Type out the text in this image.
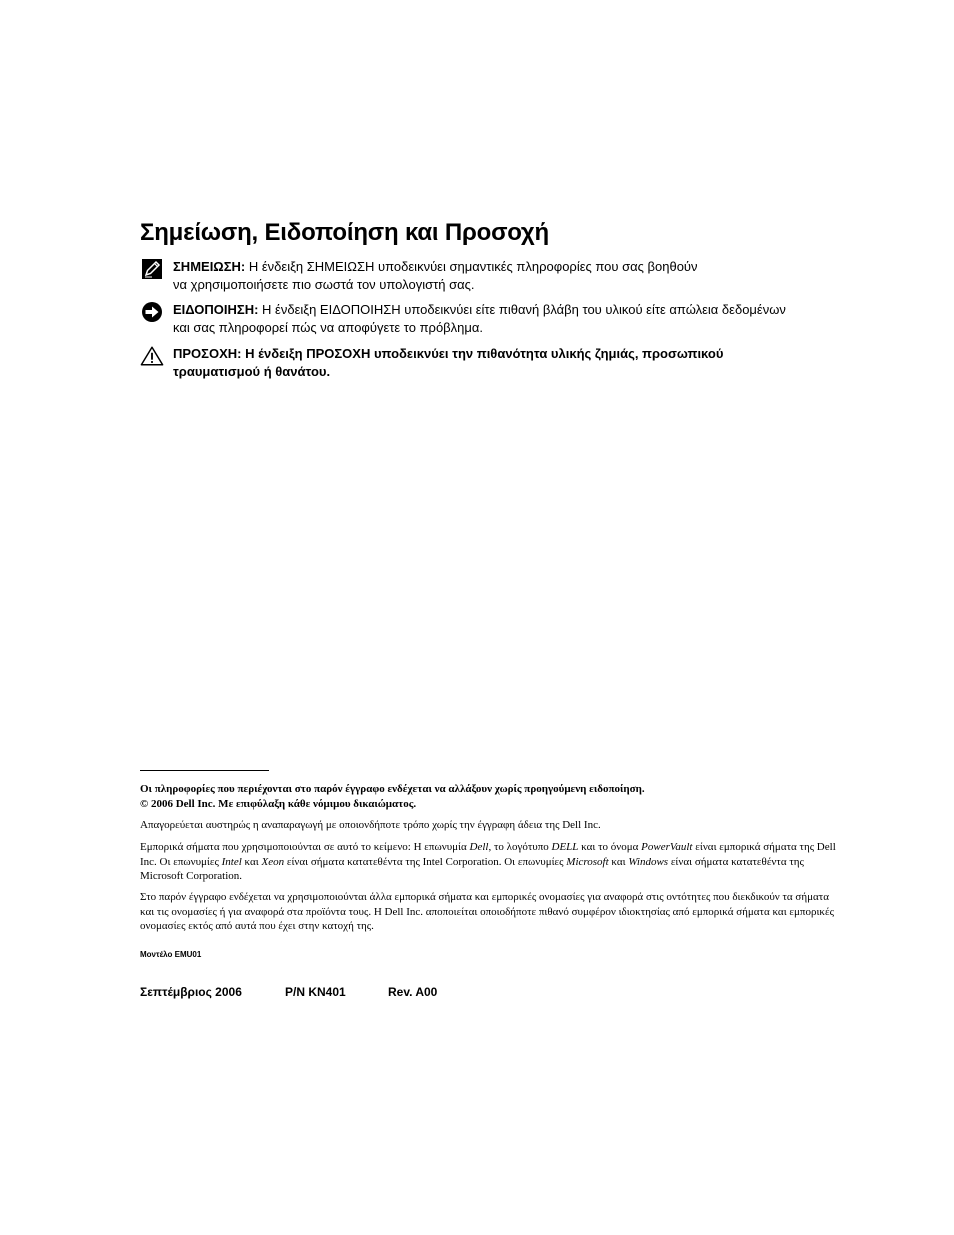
Σημείωση, Ειδοποίηση και Προσοχή
ΣΗΜΕΙΩΣΗ: Η ένδειξη ΣΗΜΕΙΩΣΗ υποδεικνύει σημαντικές πληροφορίες που σας βοηθούν
να χρησιμοποιήσετε πιο σωστά τον υπολογιστή σας.
ΕΙΔΟΠΟΙΗΣΗ: Η ένδειξη ΕΙΔΟΠΟΙΗΣΗ υποδεικνύει είτε πιθανή βλάβη του υλικού είτε απώλεια δεδομένων
και σας πληροφορεί πώς να αποφύγετε το πρόβλημα.
ΠΡΟΣΟΧΗ: Η ένδειξη ΠΡΟΣΟΧΗ υποδεικνύει την πιθανότητα υλικής ζημιάς, προσωπικού
τραυματισμού ή θανάτου.

Οι πληροφορίες που περιέχονται στο παρόν έγγραφο ενδέχεται να αλλάξουν χωρίς προηγούμενη ειδοποίηση.

© 2006 Dell Inc. Με επιφύλαξη κάθε νόμιμου δικαιώματος.

Απαγορεύεται αυστηρώς η αναπαραγωγή με οποιονδήποτε τρόπο χωρίς την έγγραφη άδεια της Dell Inc.

Εμπορικά σήματα που χρησιμοποιούνται σε αυτό το κείμενο: Η επωνυμία Dell, το λογότυπο DELL και το όνομα PowerVault είναι εμπορικά σήματα της Dell Inc. Οι επωνυμίες Intel και Xeon είναι σήματα κατατεθέντα της Intel Corporation. Οι επωνυμίες Microsoft και Windows είναι σήματα κατατεθέντα της Microsoft Corporation.

Στο παρόν έγγραφο ενδέχεται να χρησιμοποιούνται άλλα εμπορικά σήματα και εμπορικές ονομασίες για αναφορά στις οντότητες που διεκδικούν τα σήματα και τις ονομασίες ή για αναφορά στα προϊόντα τους. Η Dell Inc. αποποιείται οποιοδήποτε πιθανό συμφέρον ιδιοκτησίας από εμπορικά σήματα και εμπορικές ονομασίες εκτός από αυτά που έχει στην κατοχή της.

Μοντέλο EMU01
Σεπτέμβριος 2006	P/N KN401	Rev. A00
